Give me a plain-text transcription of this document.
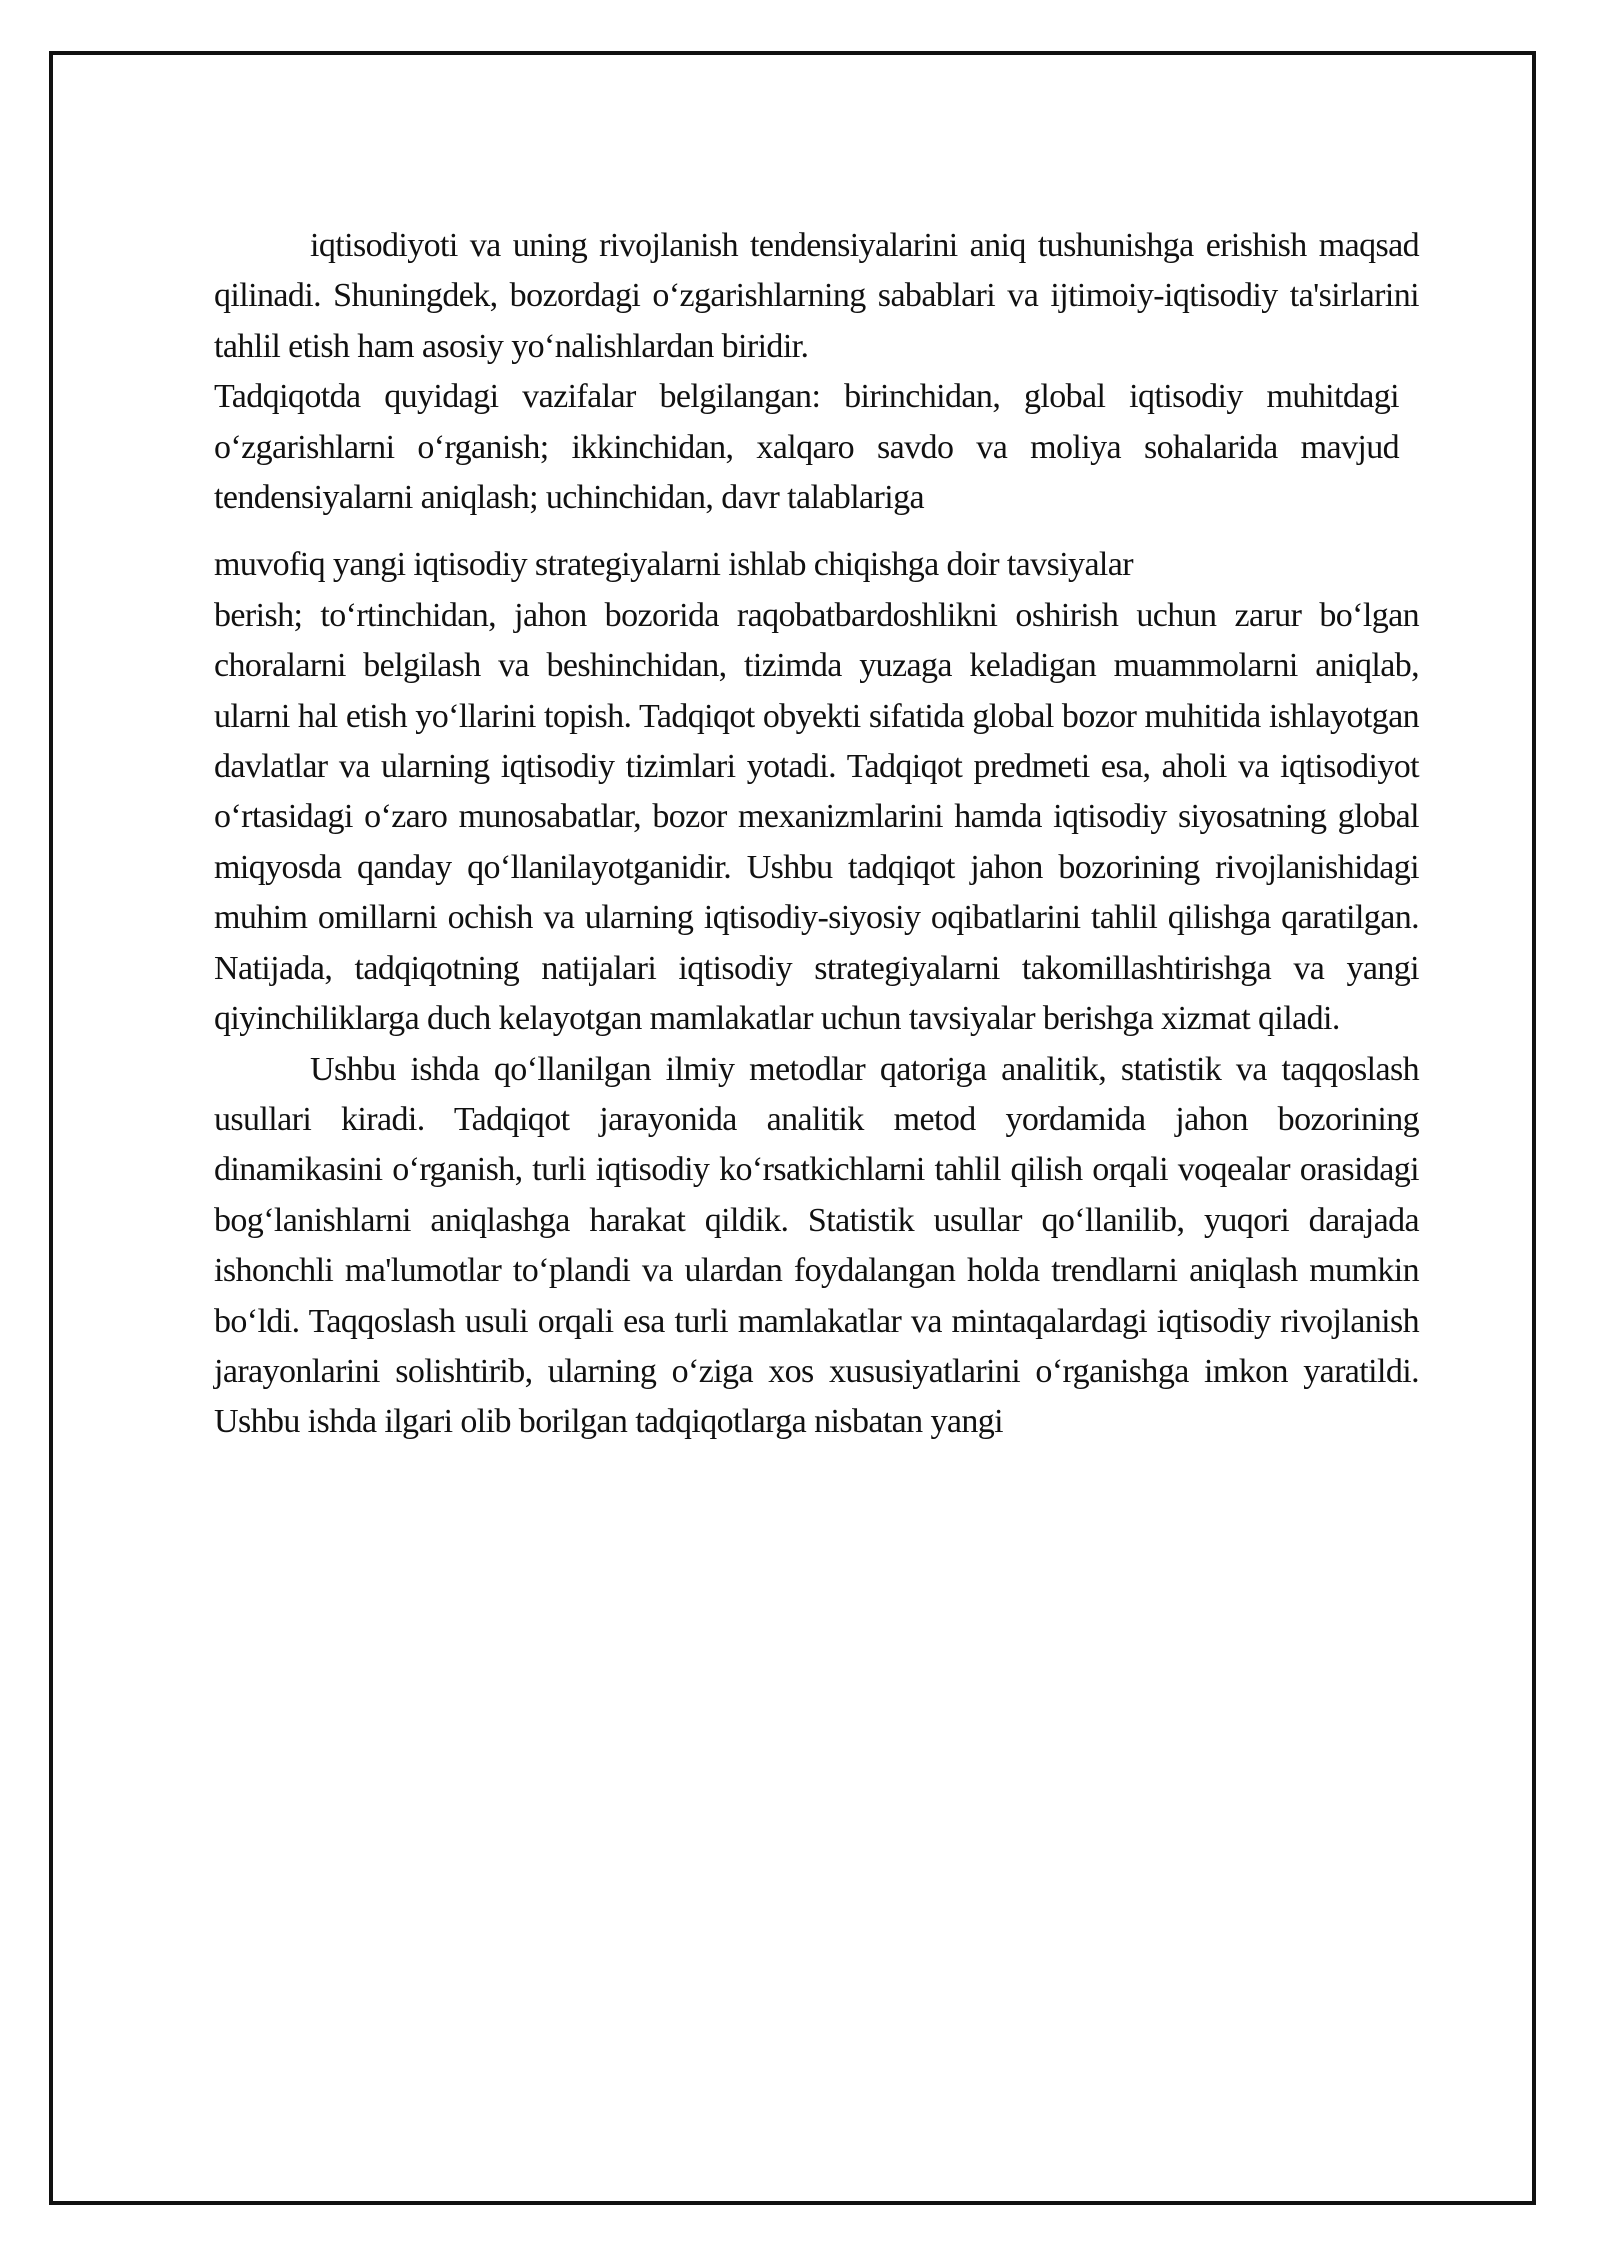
iqtisodiyoti va uning rivojlanish tendensiyalarini aniq tushunishga erishish maqsad qilinadi. Shuningdek, bozordagi o‘zgarishlarning sabablari va ijtimoiy-iqtisodiy ta'sirlarini tahlil etish ham asosiy yo‘nalishlardan biridir.

Tadqiqotda quyidagi vazifalar belgilangan: birinchidan, global iqtisodiy muhitdagi o‘zgarishlarni o‘rganish; ikkinchidan, xalqaro savdo va moliya sohalarida mavjud tendensiyalarni aniqlash; uchinchidan, davr talablariga

muvofiq yangi iqtisodiy strategiyalarni ishlab chiqishga doir tavsiyalar

berish; to‘rtinchidan, jahon bozorida raqobatbardoshlikni oshirish uchun zarur bo‘lgan choralarni belgilash va beshinchidan, tizimda yuzaga keladigan muammolarni aniqlab, ularni hal etish yo‘llarini topish. Tadqiqot obyekti sifatida global bozor muhitida ishlayotgan davlatlar va ularning iqtisodiy tizimlari yotadi. Tadqiqot predmeti esa, aholi va iqtisodiyot o‘rtasidagi o‘zaro munosabatlar, bozor mexanizmlarini hamda iqtisodiy siyosatning global miqyosda qanday qo‘llanilayotganidir. Ushbu tadqiqot jahon bozorining rivojlanishidagi muhim omillarni ochish va ularning iqtisodiy-siyosiy oqibatlarini tahlil qilishga qaratilgan. Natijada, tadqiqotning natijalari iqtisodiy strategiyalarni takomillashtirishga va yangi qiyinchiliklarga duch kelayotgan mamlakatlar uchun tavsiyalar berishga xizmat qiladi.

Ushbu ishda qo‘llanilgan ilmiy metodlar qatoriga analitik, statistik va taqqoslash usullari kiradi. Tadqiqot jarayonida analitik metod yordamida jahon bozorining dinamikasini o‘rganish, turli iqtisodiy ko‘rsatkichlarni tahlil qilish orqali voqealar orasidagi bog‘lanishlarni aniqlashga harakat qildik. Statistik usullar qo‘llanilib, yuqori darajada ishonchli ma'lumotlar to‘plandi va ulardan foydalangan holda trendlarni aniqlash mumkin bo‘ldi. Taqqoslash usuli orqali esa turli mamlakatlar va mintaqalardagi iqtisodiy rivojlanish jarayonlarini solishtirib, ularning o‘ziga xos xususiyatlarini o‘rganishga imkon yaratildi. Ushbu ishda ilgari olib borilgan tadqiqotlarga nisbatan yangi
